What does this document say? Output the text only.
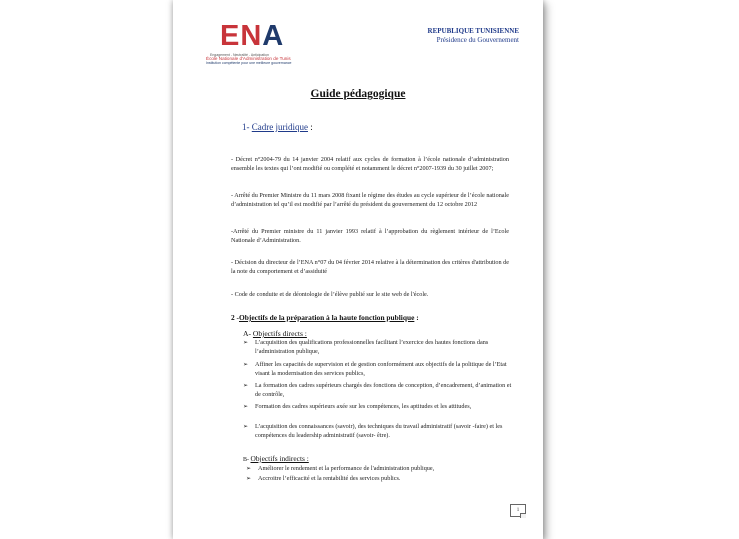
ENA
Engagement - Neutralité - Anticipation
École Nationale d'Administration de Tunis
Institution compétente pour une meilleure gouvernance
REPUBLIQUE TUNISIENNE
Présidence du Gouvernement
Guide pédagogique
1- Cadre juridique :
- Décret n°2004-79 du 14 janvier 2004 relatif aux cycles de formation à l’école nationale d’administration ensemble les textes qui l’ont modifié ou complété et notamment le décret n°2007-1939 du 30 juillet 2007;
- Arrêté du Premier Ministre du 11 mars 2008 fixant le régime des études au cycle supérieur de l’école nationale d’administration tel qu’il est modifié par l’arrêté du président du gouvernement du 12 octobre 2012
-Arrêté du Premier ministre du 11 janvier 1993 relatif à l’approbation du règlement intérieur de l’Ecole Nationale d’Administration.
- Décision du directeur de l’ENA n°07 du 04 février 2014 relative à la détermination des critères d'attribution de la note du comportement et d’assiduité
- Code de conduite et de déontologie de l’élève publié sur le site web de l'école.
2 -Objectifs de la préparation à la haute fonction publique :
A- Objectifs directs :
➢ L’acquisition des qualifications professionnelles facilitant l’exercice des hautes fonctions dans l’administration publique,
➢ Affiner les capacités de supervision et de gestion conformément aux objectifs de la politique de l’Etat visant la modernisation des services publics,
➢ La formation des cadres supérieurs chargés des fonctions de conception, d’encadrement, d’animation et de contrôle,
➢ Formation des cadres supérieurs axée sur les compétences, les aptitudes et les attitudes,
➢ L’acquisition des connaissances (savoir), des techniques du travail administratif (savoir -faire) et les compétences du leadership administratif (savoir- être).
B- Objectifs indirects :
➢ Améliorer le rendement et la performance de l'administration publique,
➢ Accroitre l’efficacité et la rentabilité des services publics.
1
